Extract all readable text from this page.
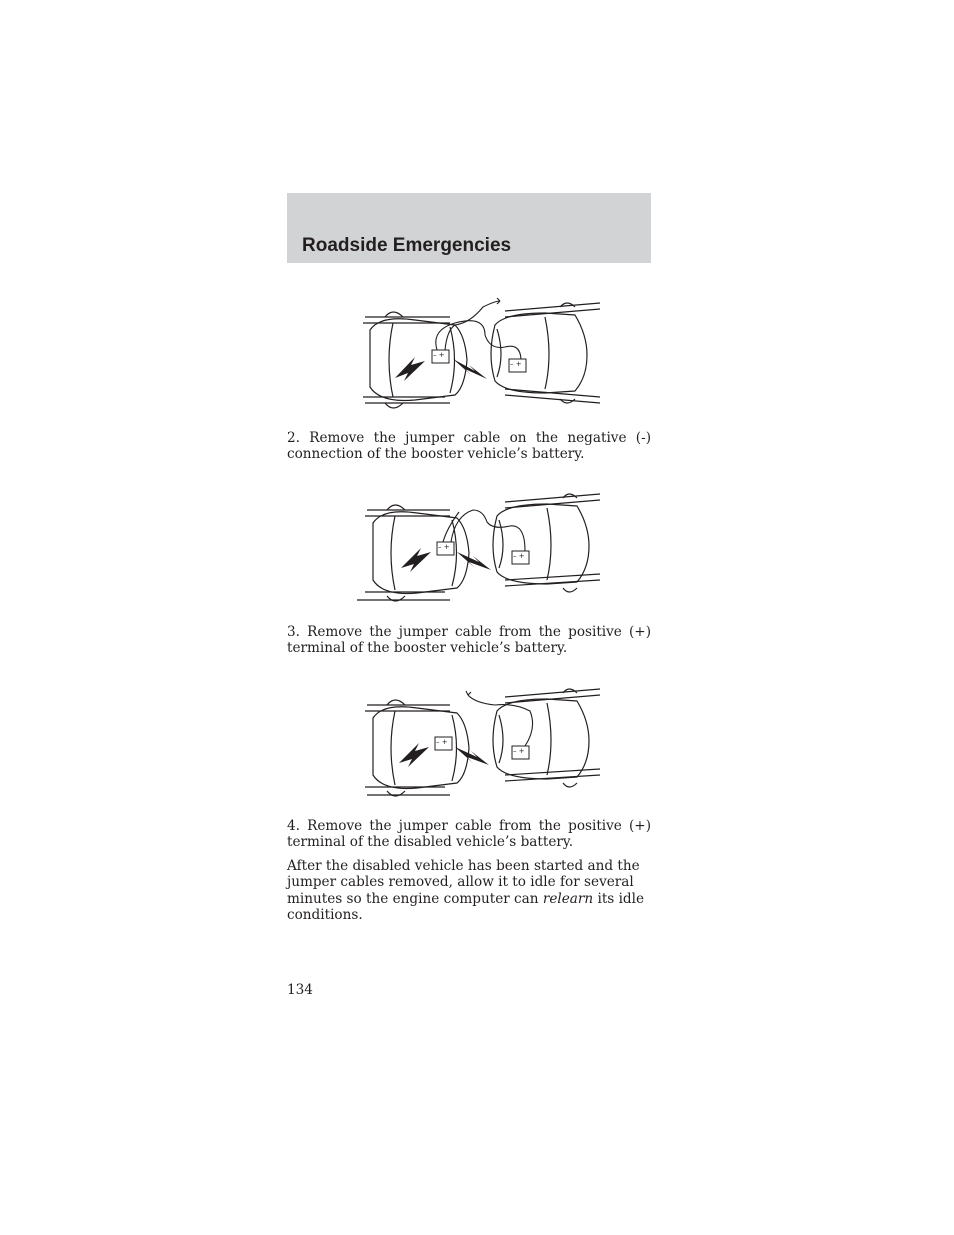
Roadside Emergencies
– +
– +

2. Remove the jumper cable on the negative (-) connection of the booster vehicle’s battery.

– +
– +

3. Remove the jumper cable from the positive (+) terminal of the booster vehicle’s battery.

– +
– +

4. Remove the jumper cable from the positive (+) terminal of the disabled vehicle’s battery.

After the disabled vehicle has been started and the jumper cables removed, allow it to idle for several minutes so the engine computer can relearn its idle conditions.

134
